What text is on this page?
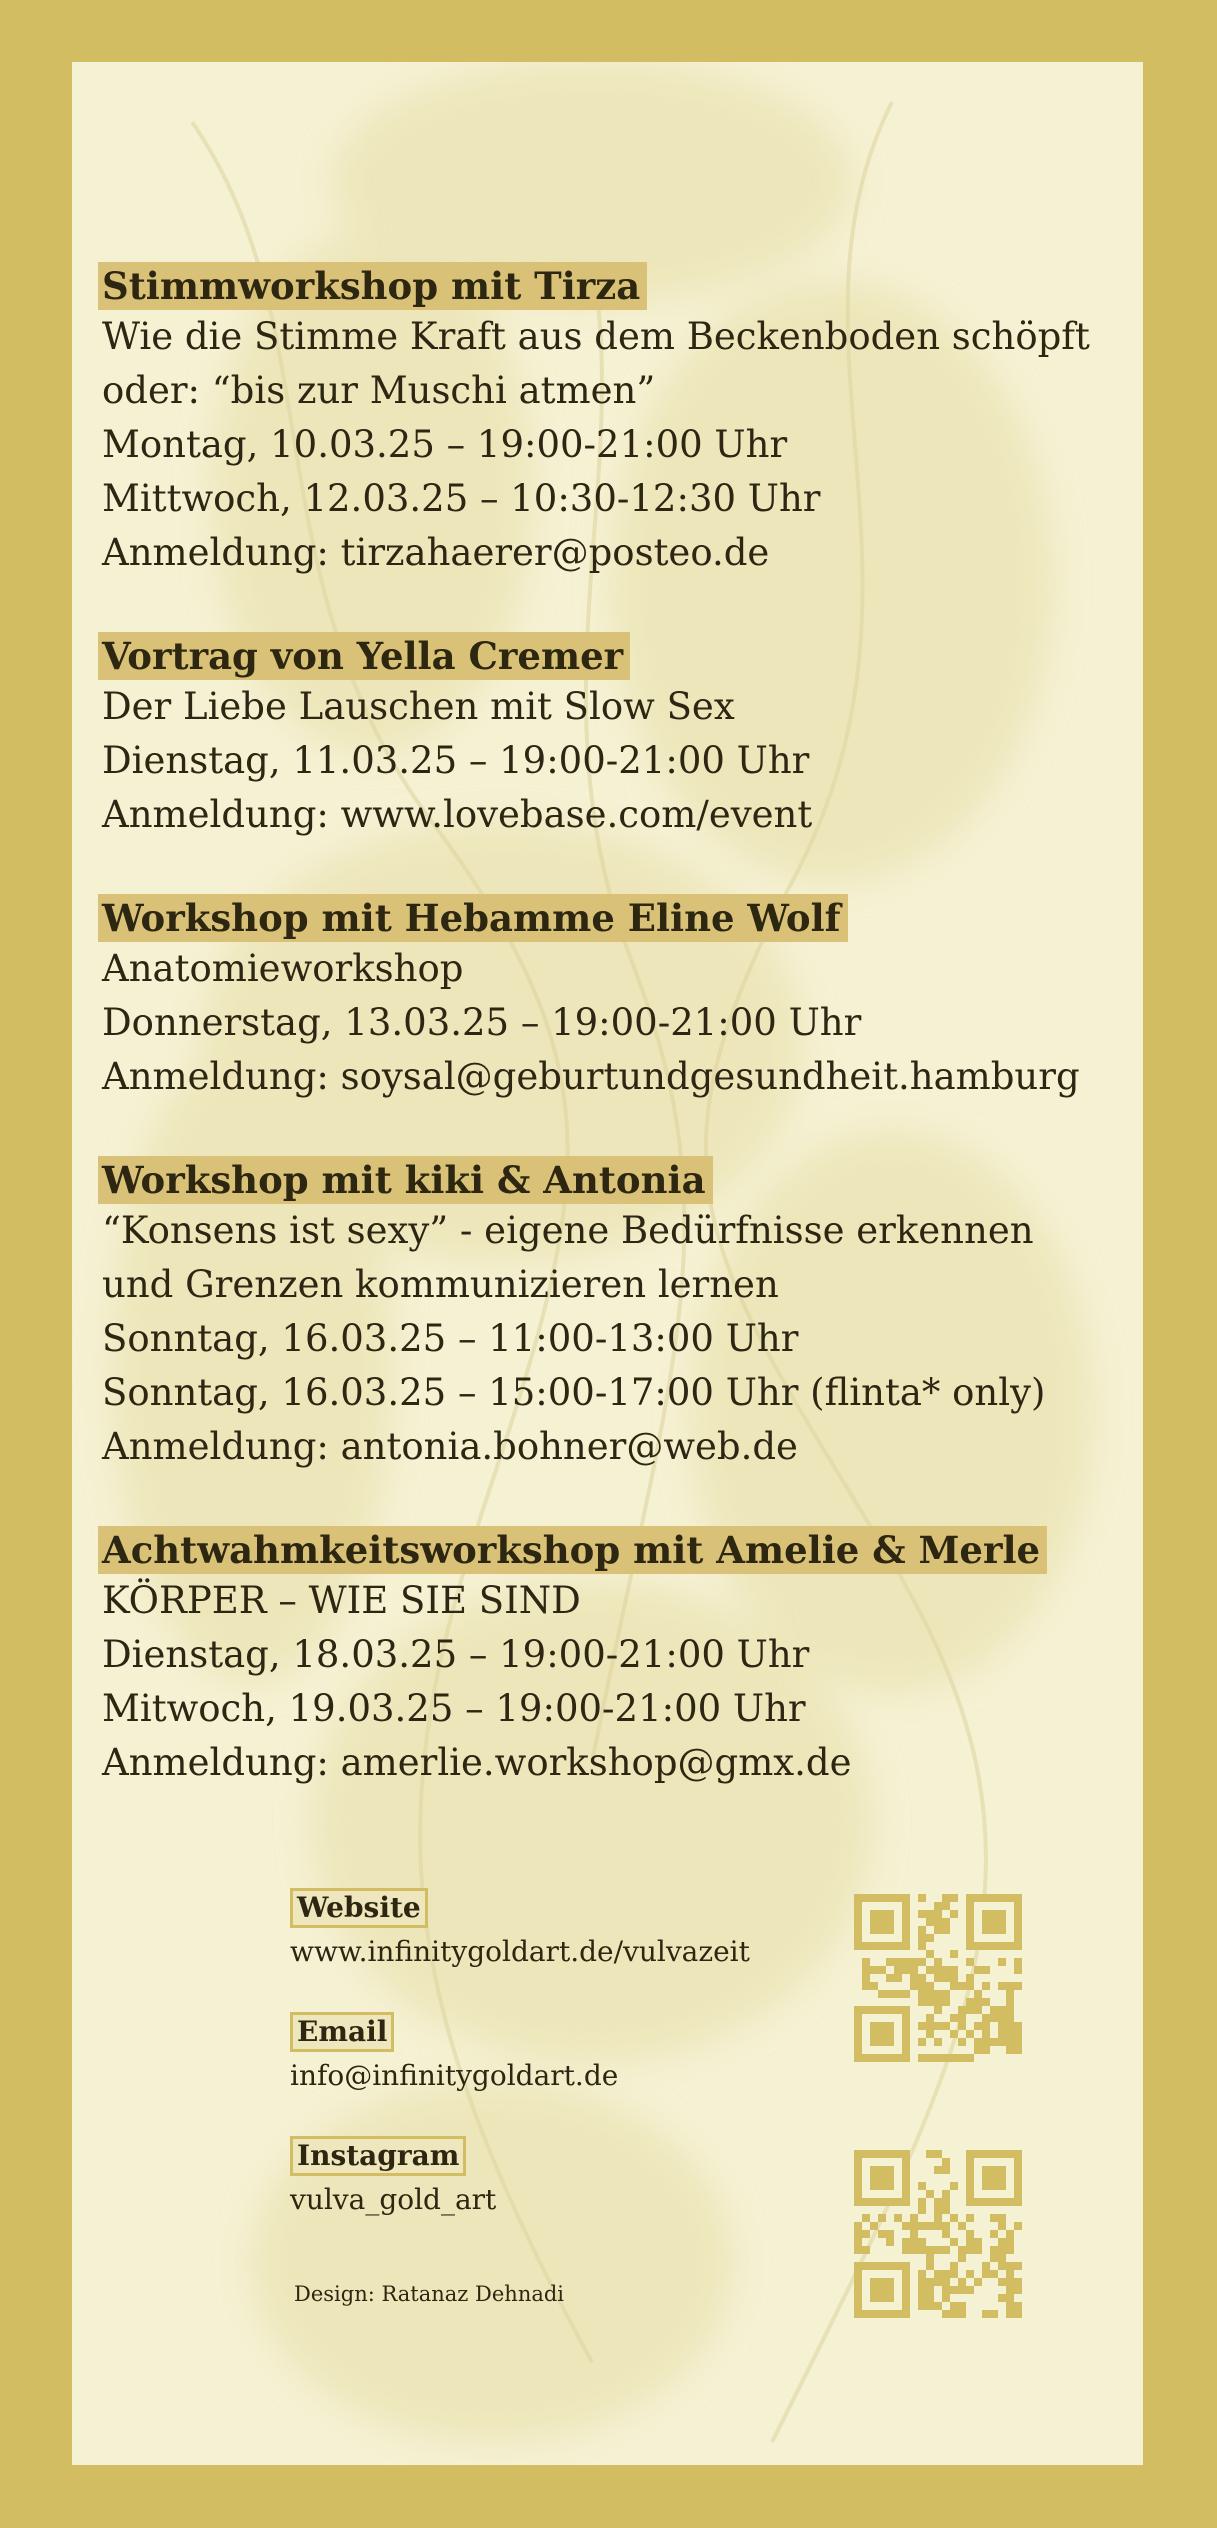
Stimmworkshop mit Tirza
Wie die Stimme Kraft aus dem Beckenboden schöpft
oder: “bis zur Muschi atmen”
Montag, 10.03.25 – 19:00-21:00 Uhr
Mittwoch, 12.03.25 – 10:30-12:30 Uhr
Anmeldung: tirzahaerer@posteo.de
Vortrag von Yella Cremer
Der Liebe Lauschen mit Slow Sex
Dienstag, 11.03.25 – 19:00-21:00 Uhr
Anmeldung: www.lovebase.com/event
Workshop mit Hebamme Eline Wolf
Anatomieworkshop
Donnerstag, 13.03.25 – 19:00-21:00 Uhr
Anmeldung: soysal@geburtundgesundheit.hamburg
Workshop mit kiki & Antonia
“Konsens ist sexy” - eigene Bedürfnisse erkennen
und Grenzen kommunizieren lernen
Sonntag, 16.03.25 – 11:00-13:00 Uhr
Sonntag, 16.03.25 – 15:00-17:00 Uhr (flinta* only)
Anmeldung: antonia.bohner@web.de
Achtwahmkeitsworkshop mit Amelie & Merle
KÖRPER – WIE SIE SIND
Dienstag, 18.03.25 – 19:00-21:00 Uhr
Mitwoch, 19.03.25 – 19:00-21:00 Uhr
Anmeldung: amerlie.workshop@gmx.de
Website
www.infinitygoldart.de/vulvazeit
Email
info@infinitygoldart.de
Instagram
vulva_gold_art
Design: Ratanaz Dehnadi
